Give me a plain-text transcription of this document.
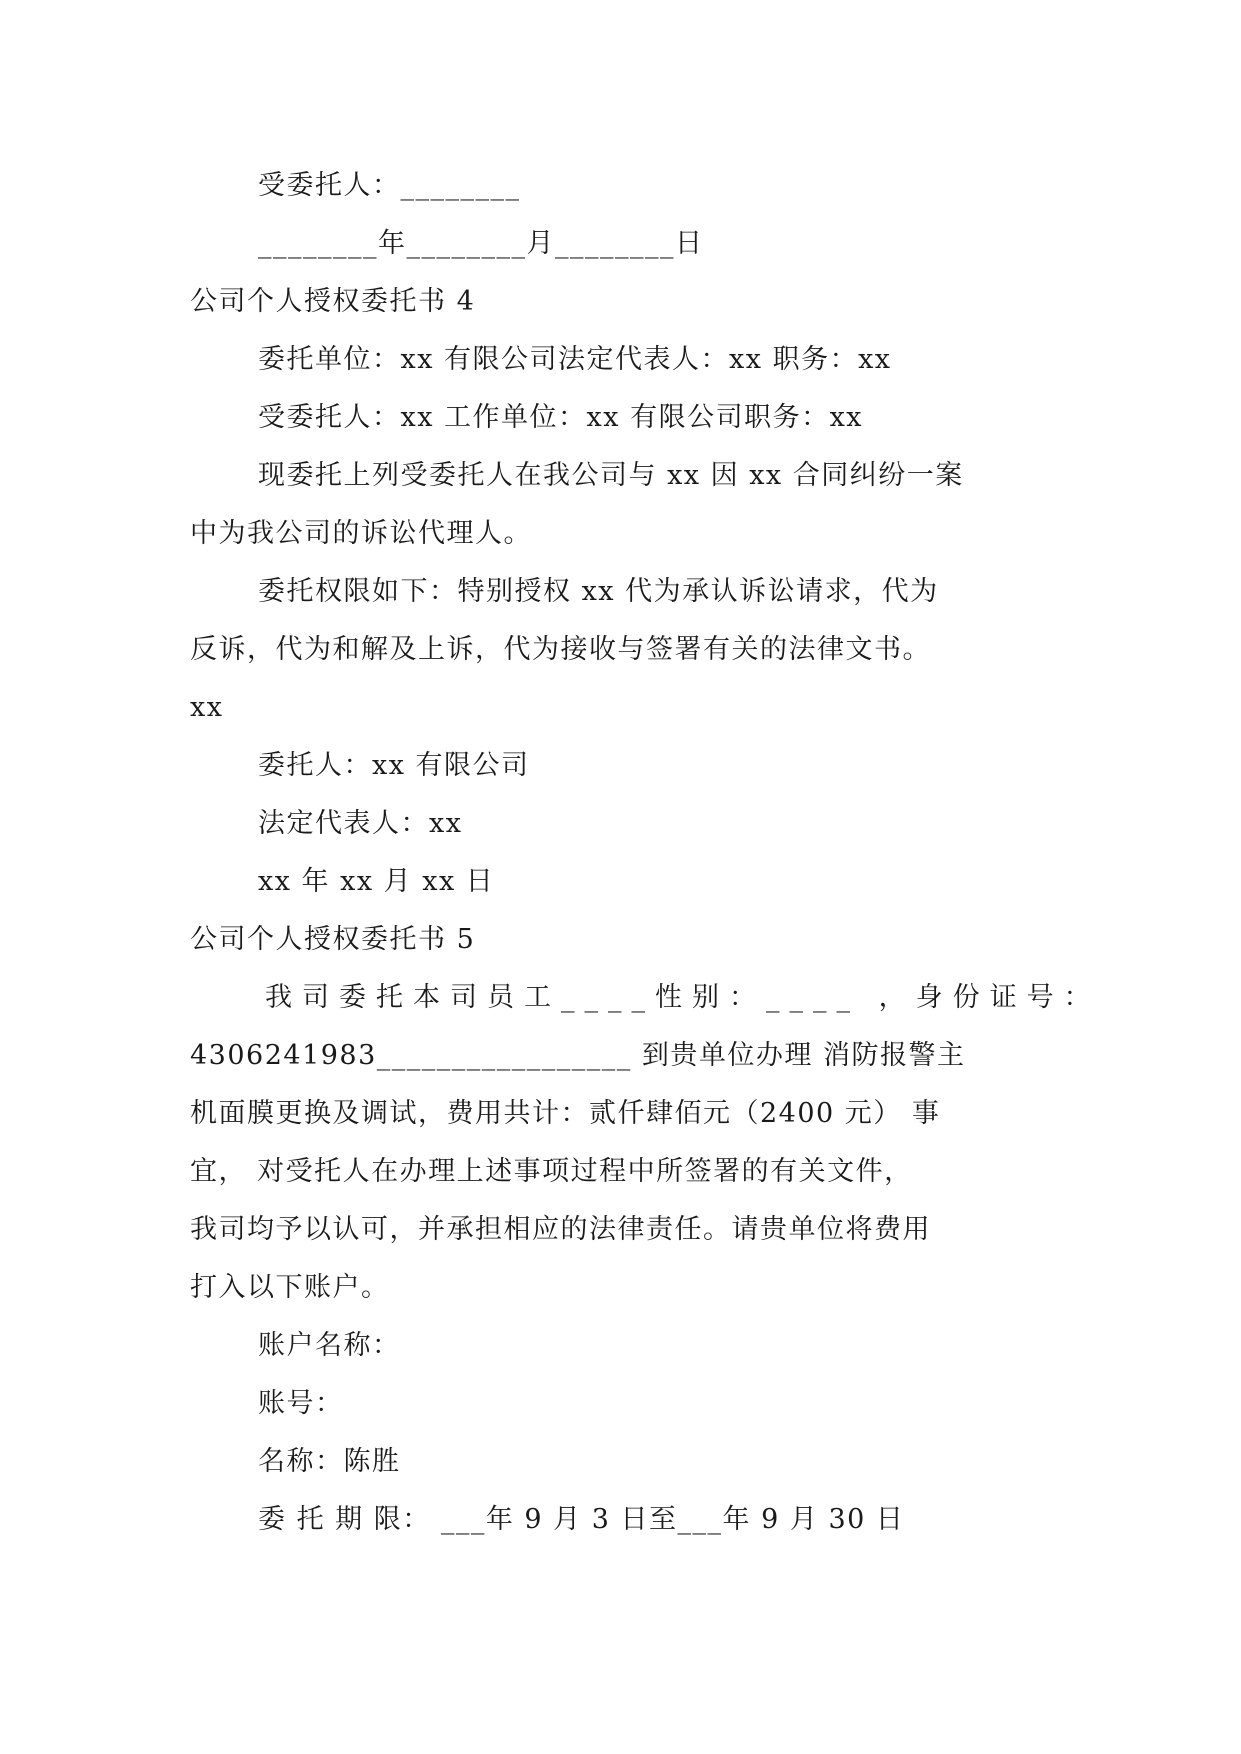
受委托人：________
________年________月________日
公司个人授权委托书 4
委托单位：xx 有限公司法定代表人：xx 职务：xx
受委托人：xx 工作单位：xx 有限公司职务：xx
现委托上列受委托人在我公司与 xx 因 xx 合同纠纷一案
中为我公司的诉讼代理人。
委托权限如下：特别授权 xx 代为承认诉讼请求，代为
反诉，代为和解及上诉，代为接收与签署有关的法律文书。
xx
委托人：xx 有限公司
法定代表人：xx
xx 年 xx 月 xx 日
公司个人授权委托书 5
我司委托本司员工____性别：____ ，身份证号：
4306241983_________________ 到贵单位办理 消防报警主
机面膜更换及调试，费用共计：贰仟肆佰元（2400 元） 事
宜， 对受托人在办理上述事项过程中所签署的有关文件，
我司均予以认可，并承担相应的法律责任。请贵单位将费用
打入以下账户。
账户名称：
账号：
名称：陈胜
委 托 期 限： ___年 9 月 3 日至___年 9 月 30 日
